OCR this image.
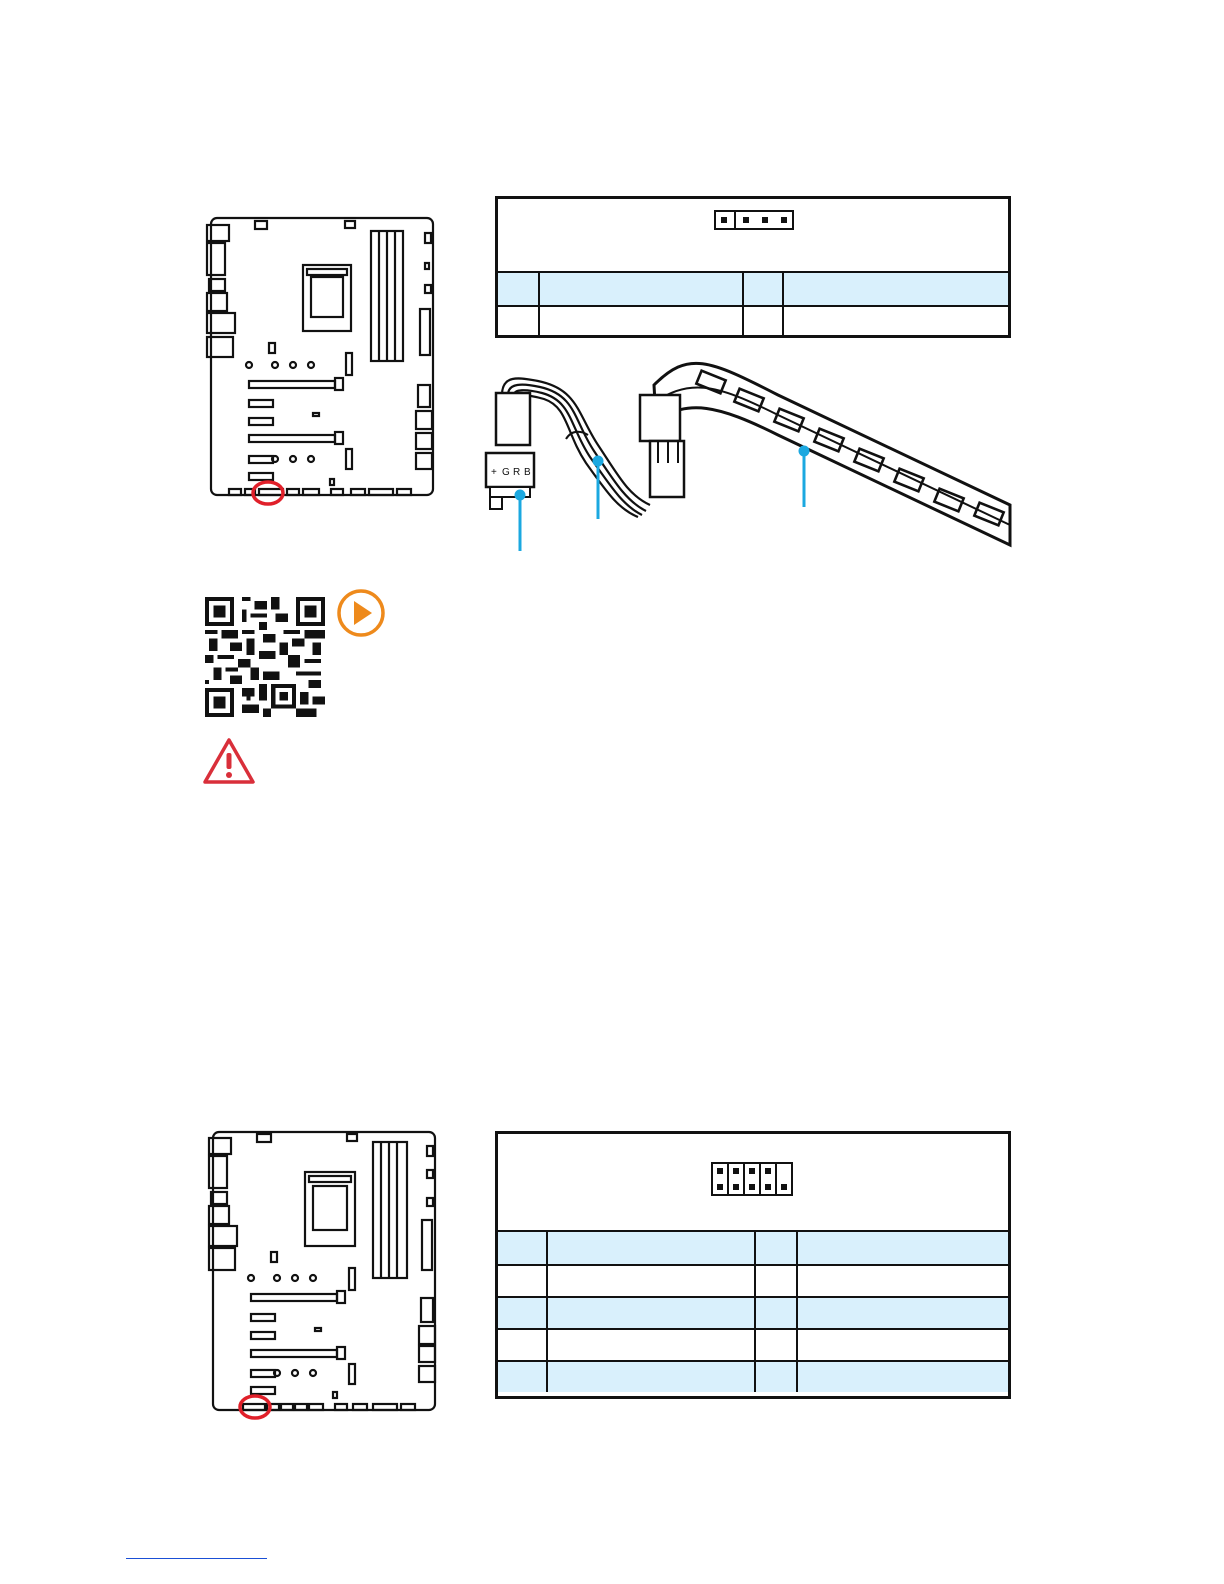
+ G R B
